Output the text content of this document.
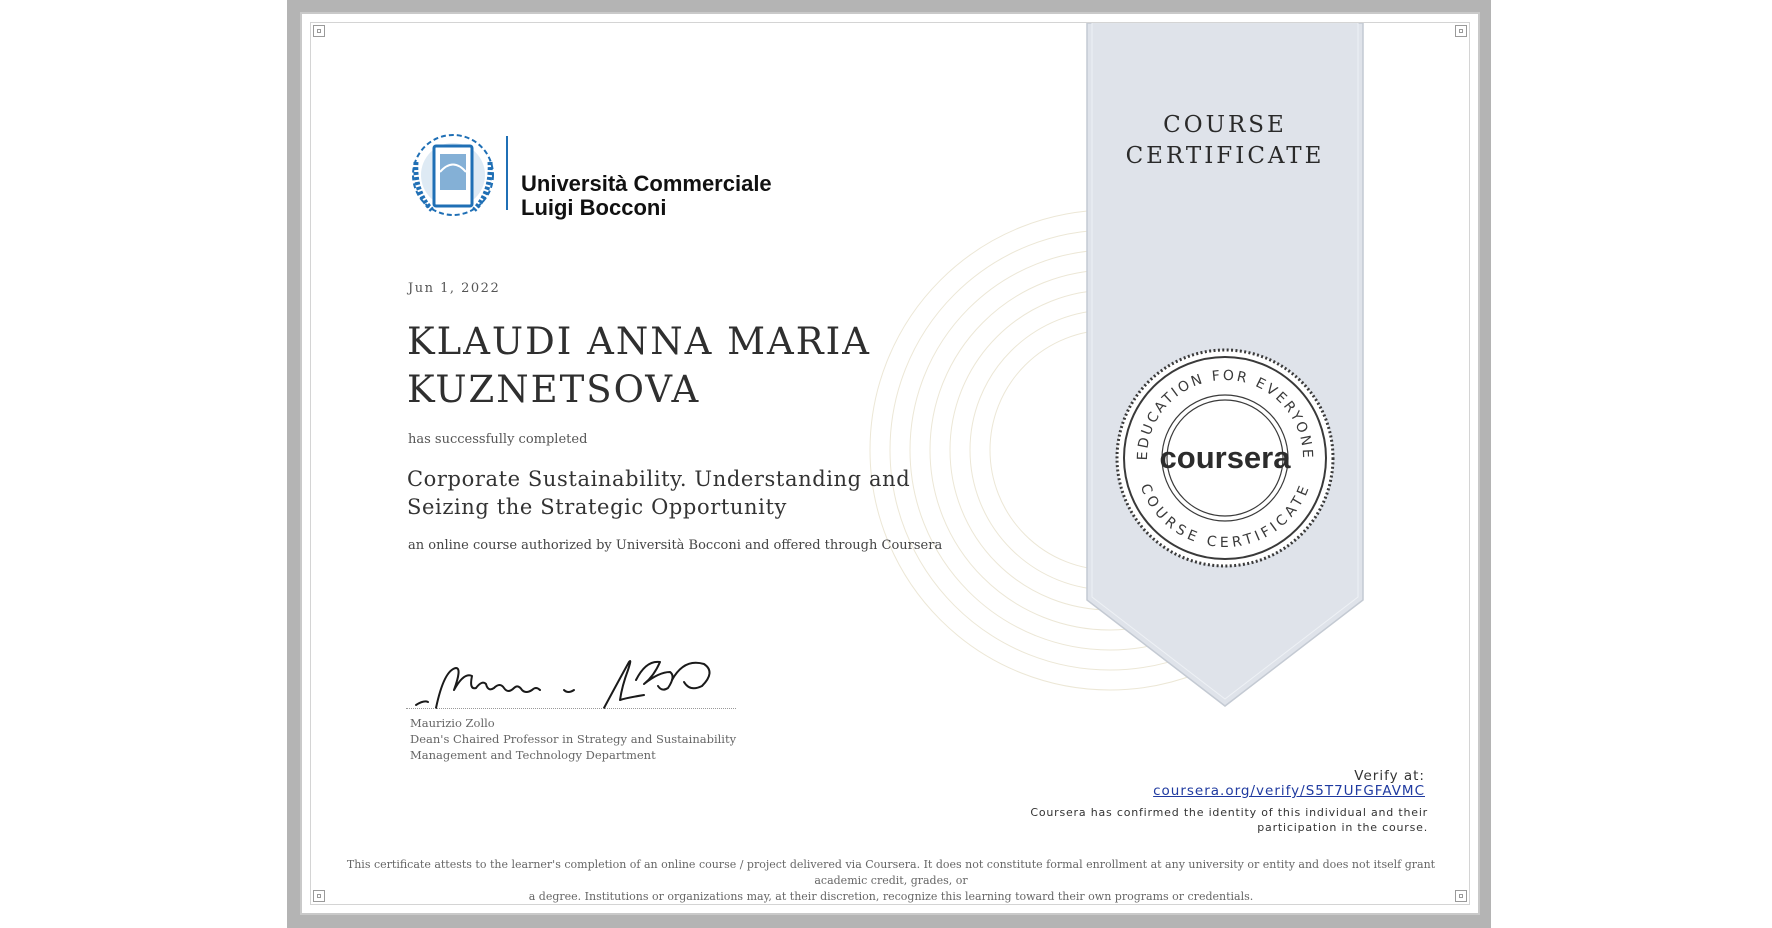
COURSE
CERTIFICATE
EDUCATION FOR EVERYONE
COURSE CERTIFICATE
coursera
Università Commerciale
Luigi Bocconi
Jun 1, 2022
KLAUDI ANNA MARIA
KUZNETSOVA
has successfully completed
Corporate Sustainability. Understanding and
Seizing the Strategic Opportunity
an online course authorized by Università Bocconi and offered through Coursera
Maurizio Zollo
Dean's Chaired Professor in Strategy and Sustainability
Management and Technology Department
Verify at:
coursera.org/verify/S5T7UFGFAVMC
Coursera has confirmed the identity of this individual and their
participation in the course.
This certificate attests to the learner's completion of an online course / project delivered via Coursera. It does not constitute formal enrollment at any university or entity and does not itself grant academic credit, grades, or
a degree. Institutions or organizations may, at their discretion, recognize this learning toward their own programs or credentials.
